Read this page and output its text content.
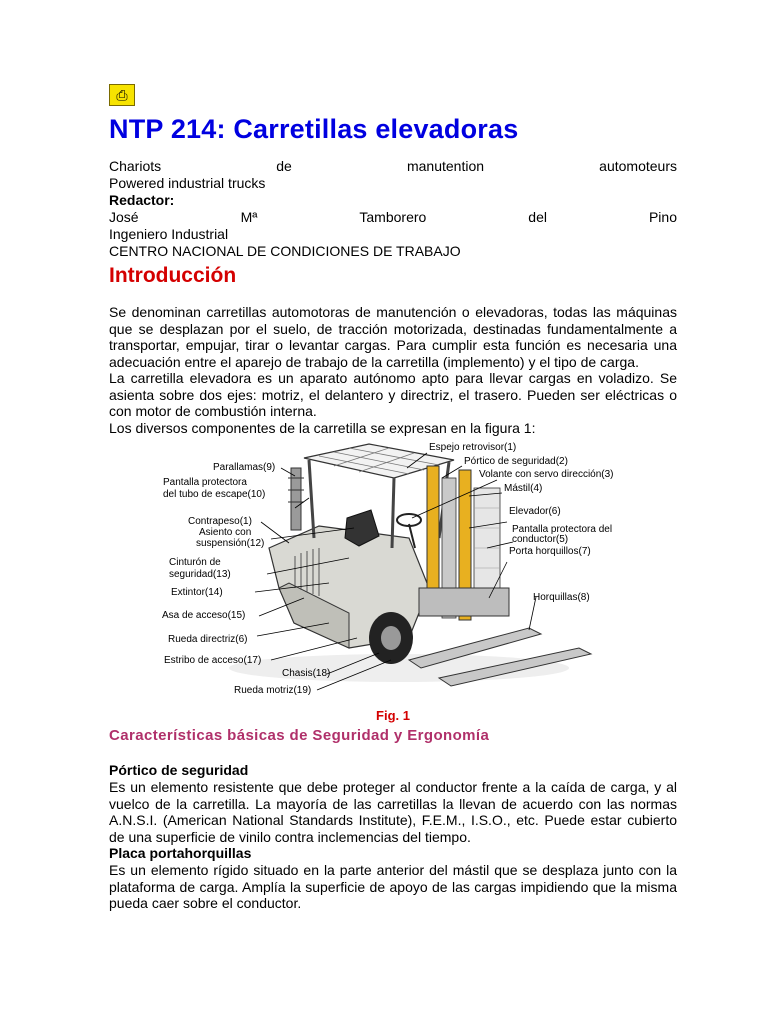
⎙
NTP 214: Carretillas elevadoras
Chariots	de	manutention	automoteurs
Powered industrial trucks
Redactor:
José	Mª	Tamborero	del	Pino
Ingeniero Industrial
CENTRO NACIONAL DE CONDICIONES DE TRABAJO
Introducción

Se denominan carretillas automotoras de manutención o elevadoras, todas las máquinas que se desplazan por el suelo, de tracción motorizada, destinadas fundamentalmente a transportar, empujar, tirar o levantar cargas. Para cumplir esta función es necesaria una adecuación entre el aparejo de trabajo de la carretilla (implemento) y el tipo de carga.

La carretilla elevadora es un aparato autónomo apto para llevar cargas en voladizo. Se asienta sobre dos ejes: motriz, el delantero y directriz, el trasero. Pueden ser eléctricas o con motor de combustión interna.

Los diversos componentes de la carretilla se expresan en la figura 1:

Espejo retrovisor(1)
Pórtico de seguridad(2)
Volante con servo dirección(3)
Mástil(4)
Parallamas(9)
Pantalla protectora
del tubo de escape(10)
Contrapeso(1)
Asiento con
suspensión(12)
Elevador(6)
Pantalla protectora del
conductor(5)
Cinturón de
seguridad(13)
Porta horquillos(7)
Extintor(14)	Horquillas(8)
Asa de acceso(15)
Rueda directriz(6)
Estribo de acceso(17)
Chasis(18)
Rueda motriz(19)
Fig. 1
Características básicas de Seguridad y Ergonomía

Pórtico de seguridad

Es un elemento resistente que debe proteger al conductor frente a la caída de carga, y al vuelco de la carretilla. La mayoría de las carretillas la llevan de acuerdo con las normas A.N.S.I. (American National Standards Institute), F.E.M., I.S.O., etc. Puede estar cubierto de una superficie de vinilo contra inclemencias del tiempo.

Placa portahorquillas

Es un elemento rígido situado en la parte anterior del mástil que se desplaza junto con la plataforma de carga. Amplía la superficie de apoyo de las cargas impidiendo que la misma pueda caer sobre el conductor.
